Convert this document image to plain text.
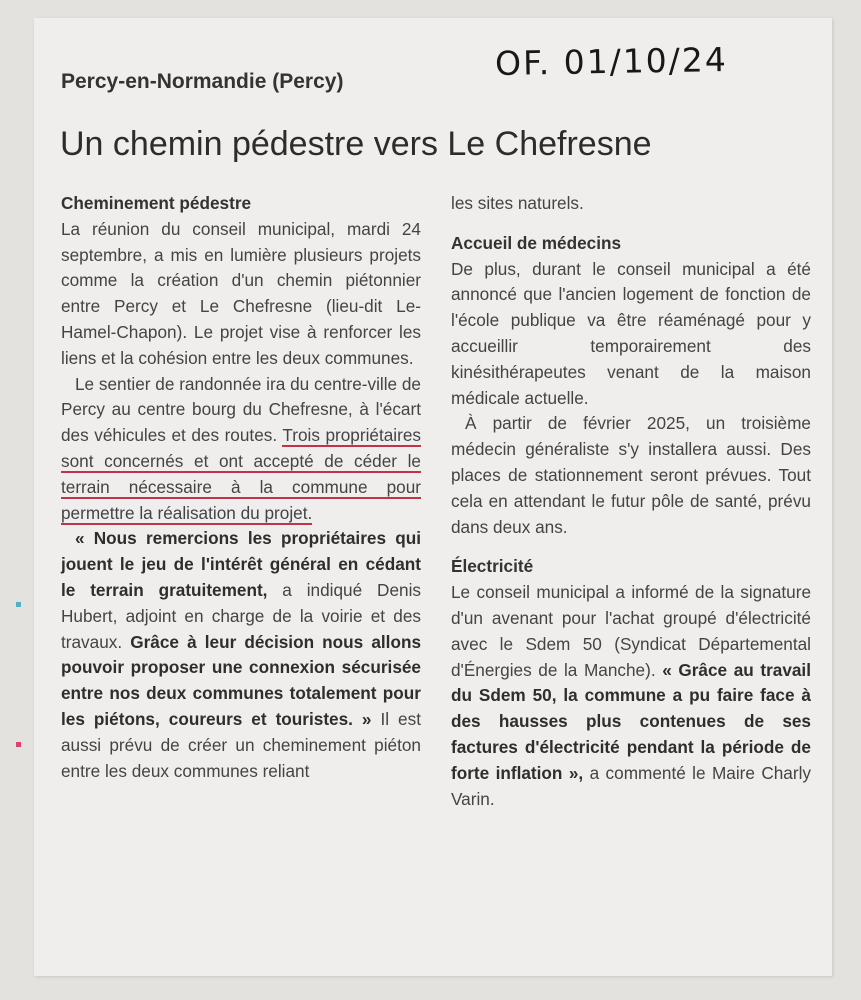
OF. 01/10/24
Percy-en-Normandie (Percy)
Un chemin pédestre vers Le Chefresne
Cheminement pédestre

La réunion du conseil municipal, mardi 24 septembre, a mis en lumière plusieurs projets comme la création d'un chemin piétonnier entre Percy et Le Chefresne (lieu-dit Le-Hamel-Chapon). Le projet vise à renforcer les liens et la cohésion entre les deux communes.

Le sentier de randonnée ira du centre-ville de Percy au centre bourg du Chefresne, à l'écart des véhicules et des routes. Trois propriétaires sont concernés et ont accepté de céder le terrain nécessaire à la commune pour permettre la réalisation du projet.

« Nous remercions les propriétaires qui jouent le jeu de l'intérêt général en cédant le terrain gratuitement, a indiqué Denis Hubert, adjoint en charge de la voirie et des travaux. Grâce à leur décision nous allons pouvoir proposer une connexion sécurisée entre nos deux communes totalement pour les piétons, coureurs et touristes. » Il est aussi prévu de créer un cheminement piéton entre les deux communes reliant

les sites naturels.

Accueil de médecins

De plus, durant le conseil municipal a été annoncé que l'ancien logement de fonction de l'école publique va être réaménagé pour y accueillir temporairement des kinésithérapeutes venant de la maison médicale actuelle.

À partir de février 2025, un troisième médecin généraliste s'y installera aussi. Des places de stationnement seront prévues. Tout cela en attendant le futur pôle de santé, prévu dans deux ans.

Électricité

Le conseil municipal a informé de la signature d'un avenant pour l'achat groupé d'électricité avec le Sdem 50 (Syndicat Départemental d'Énergies de la Manche). « Grâce au travail du Sdem 50, la commune a pu faire face à des hausses plus contenues de ses factures d'électricité pendant la période de forte inflation », a commenté le Maire Charly Varin.
